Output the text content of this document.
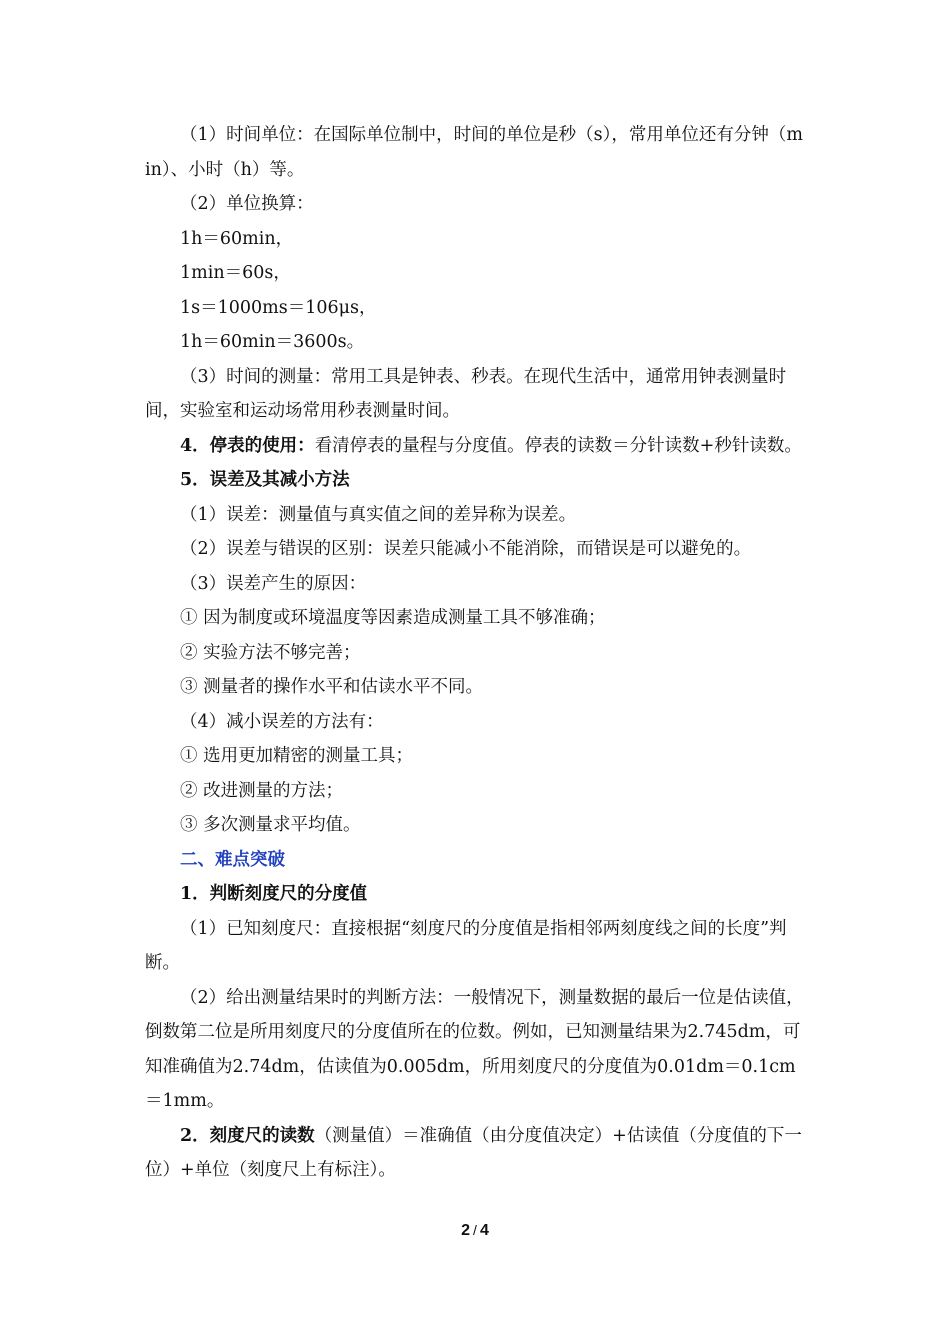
（1）时间单位：在国际单位制中，时间的单位是秒（s），常用单位还有分钟（min）、小时（h）等。

（2）单位换算：

1h＝60min，

1min＝60s，

1s＝1000ms＝106μs，

1h＝60min＝3600s。

（3）时间的测量：常用工具是钟表、秒表。在现代生活中，通常用钟表测量时间，实验室和运动场常用秒表测量时间。

4．停表的使用：看清停表的量程与分度值。停表的读数＝分针读数+秒针读数。

5．误差及其减小方法

（1）误差：测量值与真实值之间的差异称为误差。

（2）误差与错误的区别：误差只能减小不能消除，而错误是可以避免的。

（3）误差产生的原因：

① 因为制度或环境温度等因素造成测量工具不够准确；

② 实验方法不够完善；

③ 测量者的操作水平和估读水平不同。

（4）减小误差的方法有：

① 选用更加精密的测量工具；

② 改进测量的方法；

③ 多次测量求平均值。

二、难点突破

1．判断刻度尺的分度值

（1）已知刻度尺：直接根据“刻度尺的分度值是指相邻两刻度线之间的长度”判断。

（2）给出测量结果时的判断方法：一般情况下，测量数据的最后一位是估读值，倒数第二位是所用刻度尺的分度值所在的位数。例如，已知测量结果为2.745dm，可知准确值为2.74dm，估读值为0.005dm，所用刻度尺的分度值为0.01dm＝0.1cm＝1mm。

2．刻度尺的读数（测量值）＝准确值（由分度值决定）+估读值（分度值的下一位）+单位（刻度尺上有标注）。

2 / 4
